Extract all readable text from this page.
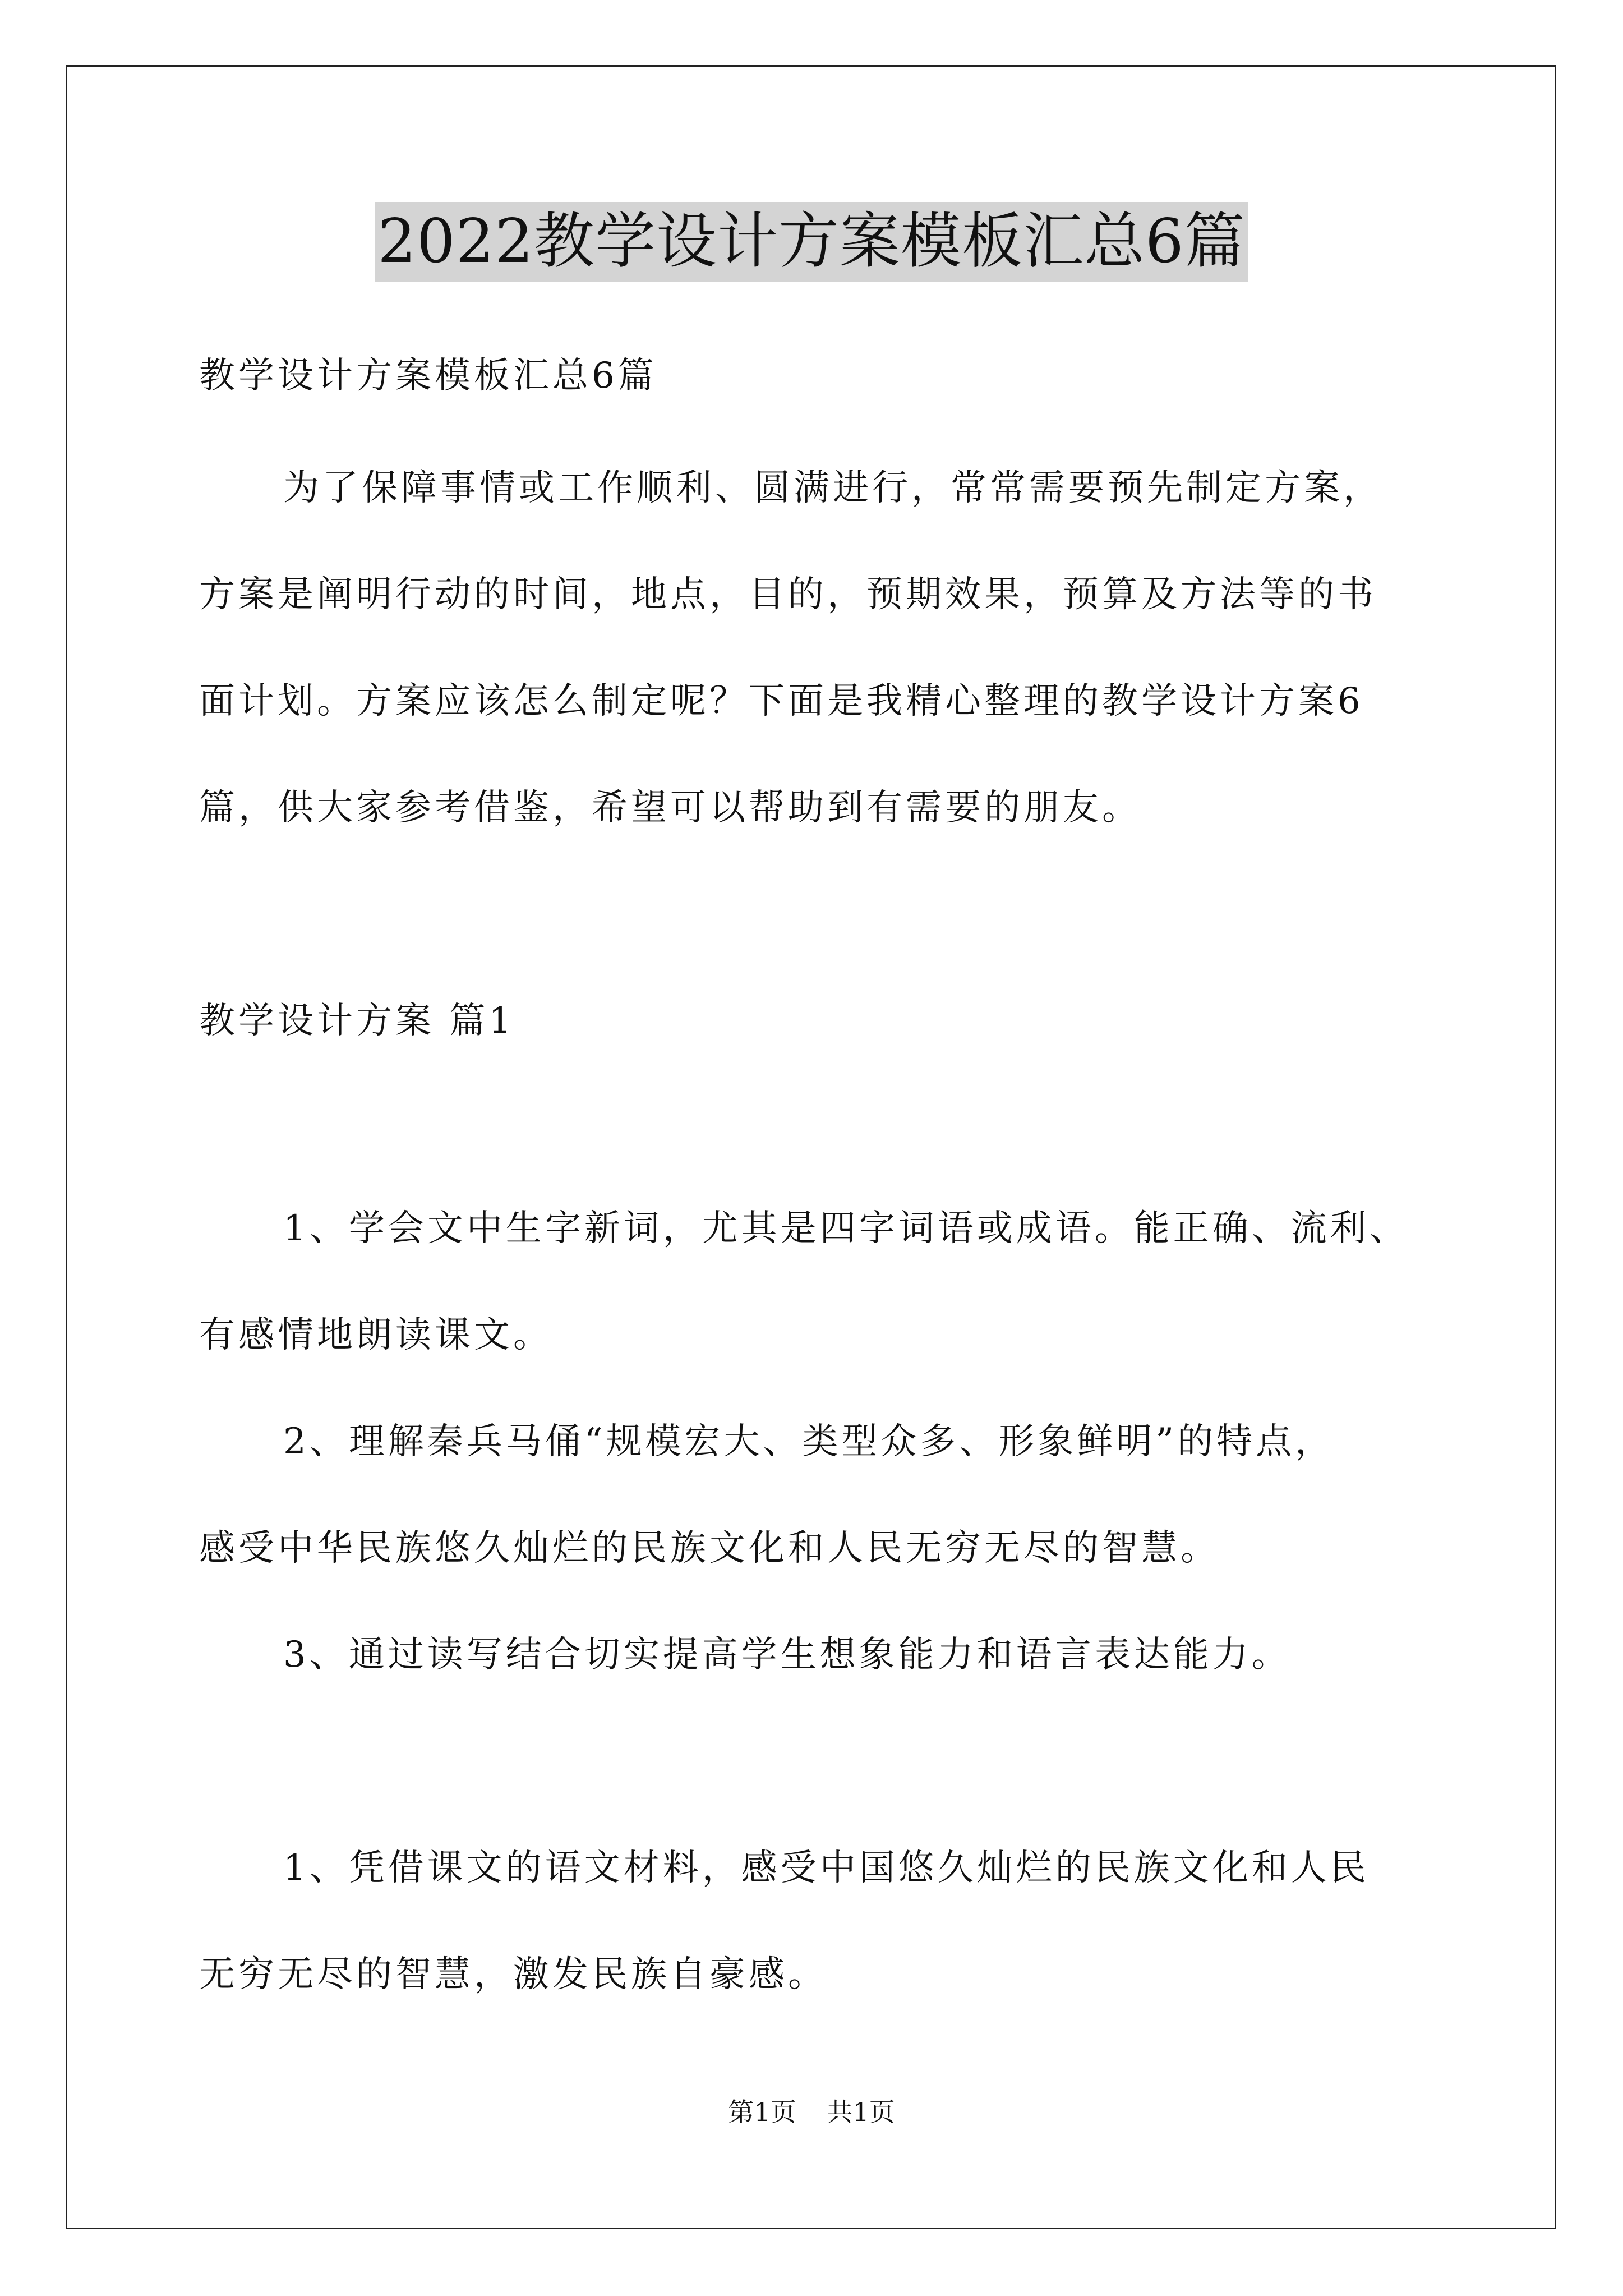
2022教学设计方案模板汇总6篇
教学设计方案模板汇总6篇
为了保障事情或工作顺利、圆满进行，常常需要预先制定方案，
方案是阐明行动的时间，地点，目的，预期效果，预算及方法等的书
面计划。方案应该怎么制定呢？下面是我精心整理的教学设计方案6
篇，供大家参考借鉴，希望可以帮助到有需要的朋友。
教学设计方案 篇1
1、学会文中生字新词，尤其是四字词语或成语。能正确、流利、
有感情地朗读课文。
2、理解秦兵马俑“规模宏大、类型众多、形象鲜明”的特点，
感受中华民族悠久灿烂的民族文化和人民无穷无尽的智慧。
3、通过读写结合切实提高学生想象能力和语言表达能力。
1、凭借课文的语文材料，感受中国悠久灿烂的民族文化和人民
无穷无尽的智慧，激发民族自豪感。
第1页 共1页
